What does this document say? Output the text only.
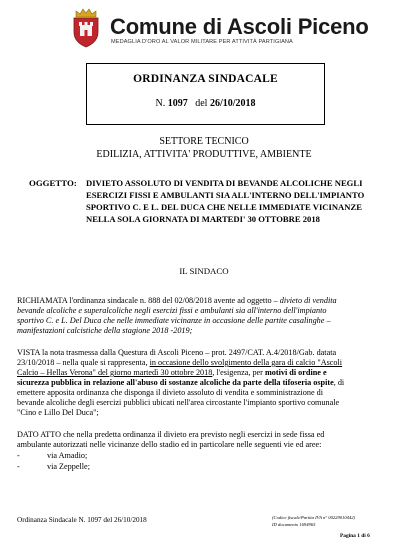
Comune di Ascoli Piceno
MEDAGLIA D'ORO AL VALOR MILITARE PER ATTIVITÀ PARTIGIANA
ORDINANZA SINDACALE
N. 1097 del 26/10/2018
SETTORE TECNICO
EDILIZIA, ATTIVITA' PRODUTTIVE, AMBIENTE
OGGETTO: DIVIETO ASSOLUTO DI VENDITA DI BEVANDE ALCOLICHE NEGLI
ESERCIZI FISSI E AMBULANTI SIA ALL'INTERNO DELL'IMPIANTO
SPORTIVO C. E L. DEL DUCA CHE NELLE IMMEDIATE VICINANZE
NELLA SOLA GIORNATA DI MARTEDI' 30 OTTOBRE 2018
IL SINDACO
RICHIAMATA l'ordinanza sindacale n. 888 del 02/08/2018 avente ad oggetto – divieto di vendita
bevande alcoliche e superalcoliche negli esercizi fissi e ambulanti sia all'interno dell'impianto
sportivo C. e L. Del Duca che nelle immediate vicinanze in occasione delle partite casalinghe –
manifestazioni calcistiche della stagione 2018 -2019;
VISTA la nota trasmessa dalla Questura di Ascoli Piceno – prot. 2497/CAT. A.4/2018/Gab. datata
23/10/2018 – nella quale si rappresenta, in occasione dello svolgimento della gara di calcio "Ascoli
Calcio – Hellas Verona" del giorno martedì 30 ottobre 2018, l'esigenza, per motivi di ordine e
sicurezza pubblica in relazione all'abuso di sostanze alcoliche da parte della tifoseria ospite, di
emettere apposita ordinanza che disponga il divieto assoluto di vendita e somministrazione di
bevande alcoliche degli esercizi pubblici ubicati nell'area circostante l'impianto sportivo comunale
"Cino e Lillo Del Duca";
DATO ATTO che nella predetta ordinanza il divieto era previsto negli esercizi in sede fissa ed
ambulante autorizzati nelle vicinanze dello stadio ed in particolare nelle seguenti vie ed aree:
-	via Amadio;
-	via Zeppelle;
Ordinanza Sindacale N. 1097 del 26/10/2018	(Codice fiscale/Partita IVA n° 00229010442)
ID documento 1694965
Pagina 1 di 6
